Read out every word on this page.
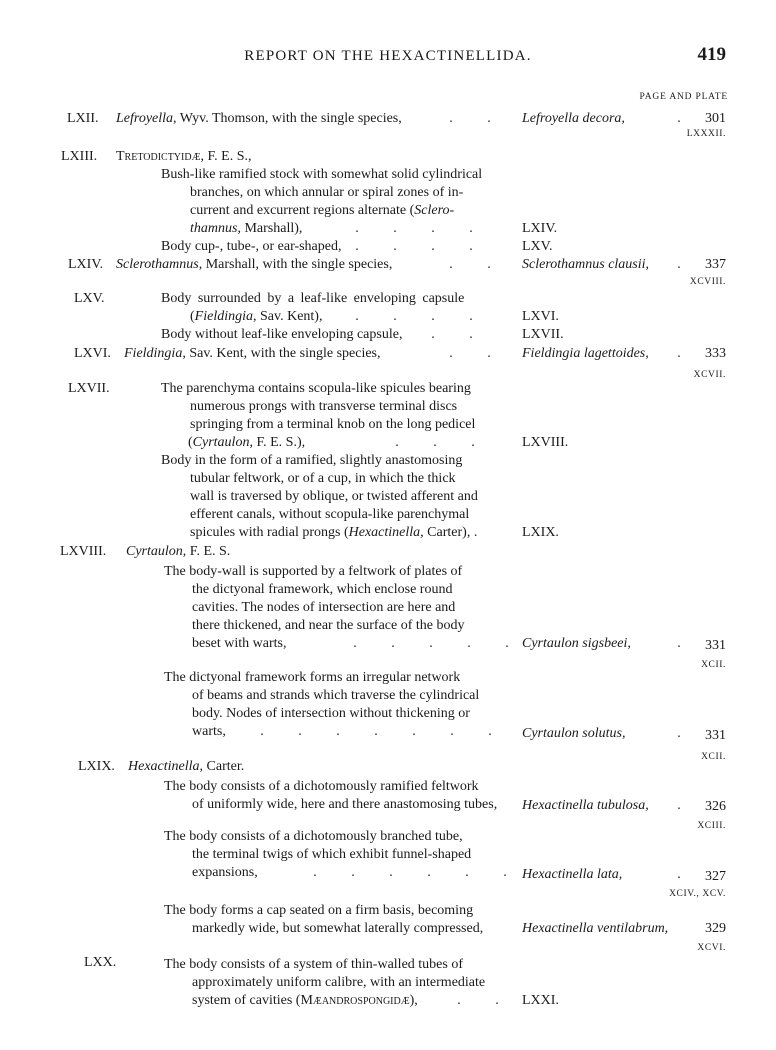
REPORT ON THE HEXACTINELLIDA.	419
PAGE AND PLATE
LXII. Lefroyella, Wyv. Thomson, with the single species,	. .	Lefroyella decora,	.	301
LXXXII.
LXIII. Tretodictyidæ, F. E. S.,
Bush-like ramified stock with somewhat solid cylindrical
branches, on which annular or spiral zones of in-
current and excurrent regions alternate (Sclero-
thamnus, Marshall),	. . . .	LXIV.
Body cup-, tube-, or ear-shaped, . . . .	LXV.
LXIV. Sclerothamnus, Marshall, with the single species,	. .	Sclerothamnus clausii,	.	337
XCVIII.
LXV.	Body surrounded by a leaf-like enveloping capsule
(Fieldingia, Sav. Kent),	. . . .	LXVI.
Body without leaf-like enveloping capsule,	. .	LXVII.
LXVI. Fieldingia, Sav. Kent, with the single species,	. .	Fieldingia lagettoides,	.	333
XCVII.
LXVII.	The parenchyma contains scopula-like spicules bearing
numerous prongs with transverse terminal discs
springing from a terminal knob on the long pedicel
(Cyrtaulon, F. E. S.),	. . .	LXVIII.
Body in the form of a ramified, slightly anastomosing
tubular feltwork, or of a cup, in which the thick
wall is traversed by oblique, or twisted afferent and
efferent canals, without scopula-like parenchymal
spicules with radial prongs (Hexactinella, Carter), .	LXIX.
LXVIII. Cyrtaulon, F. E. S.
The body-wall is supported by a feltwork of plates of
the dictyonal framework, which enclose round
cavities. The nodes of intersection are here and
there thickened, and near the surface of the body
beset with warts,	. . . . . Cyrtaulon sigsbeei,	.	331
XCII.
The dictyonal framework forms an irregular network
of beams and strands which traverse the cylindrical
body. Nodes of intersection without thickening or
warts,	. . . . . . .	Cyrtaulon solutus,	.	331
XCII.
LXIX. Hexactinella, Carter.
The body consists of a dichotomously ramified feltwork
of uniformly wide, here and there anastomosing tubes, Hexactinella tubulosa,	.	326
XCIII.
The body consists of a dichotomously branched tube,
the terminal twigs of which exhibit funnel-shaped
expansions,	. . . . . .	Hexactinella lata,	.	327
XCIV., XCV.
The body forms a cap seated on a firm basis, becoming
markedly wide, but somewhat laterally compressed,	Hexactinella ventilabrum,	329
XCVI.
LXX.	The body consists of a system of thin-walled tubes of
approximately uniform calibre, with an intermediate
system of cavities (Mæandrospongidæ),	. .	LXXI.
